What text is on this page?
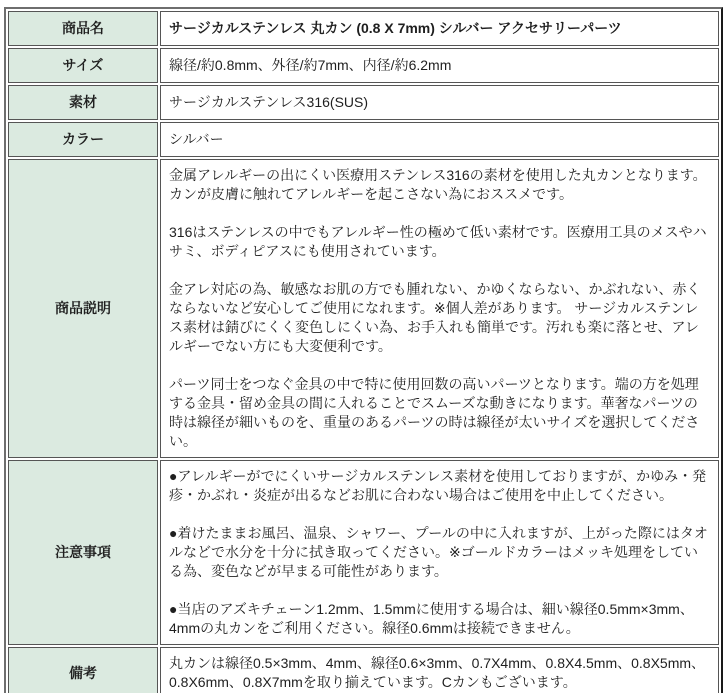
商品名	サージカルステンレス 丸カン (0.8 X 7mm) シルバー アクセサリーパーツ

サイズ	線径/約0.8mm、外径/約7mm、内径/約6.2mm

素材	サージカルステンレス316(SUS)

カラー	シルバー

商品説明	金属アレルギーの出にくい医療用ステンレス316の素材を使用した丸カンとなります。カンが皮膚に触れてアレルギーを起こさない為におススメです。

316はステンレスの中でもアレルギー性の極めて低い素材です。医療用工具のメスやハサミ、ボディピアスにも使用されています。

金アレ対応の為、敏感なお肌の方でも腫れない、かゆくならない、かぶれない、赤くならないなど安心してご使用になれます。※個人差があります。 サージカルステンレス素材は錆びにくく変色しにくい為、お手入れも簡単です。汚れも楽に落とせ、アレルギーでない方にも大変便利です。

パーツ同士をつなぐ金具の中で特に使用回数の高いパーツとなります。端の方を処理する金具・留め金具の間に入れることでスムーズな動きになります。華奢なパーツの時は線径が細いものを、重量のあるパーツの時は線径が太いサイズを選択してください。

注意事項	●アレルギーがでにくいサージカルステンレス素材を使用しておりますが、かゆみ・発疹・かぶれ・炎症が出るなどお肌に合わない場合はご使用を中止してください。

●着けたままお風呂、温泉、シャワー、プールの中に入れますが、上がった際にはタオルなどで水分を十分に拭き取ってください。※ゴールドカラーはメッキ処理をしている為、変色などが早まる可能性があります。

●当店のアズキチェーン1.2mm、1.5mmに使用する場合は、細い線径0.5mm×3mm、4mmの丸カンをご利用ください。線径0.6mmは接続できません。

備考	丸カンは線径0.5×3mm、4mm、線径0.6×3mm、0.7X4mm、0.8X4.5mm、0.8X5mm、0.8X6mm、0.8X7mmを取り揃えています。Cカンもございます。
